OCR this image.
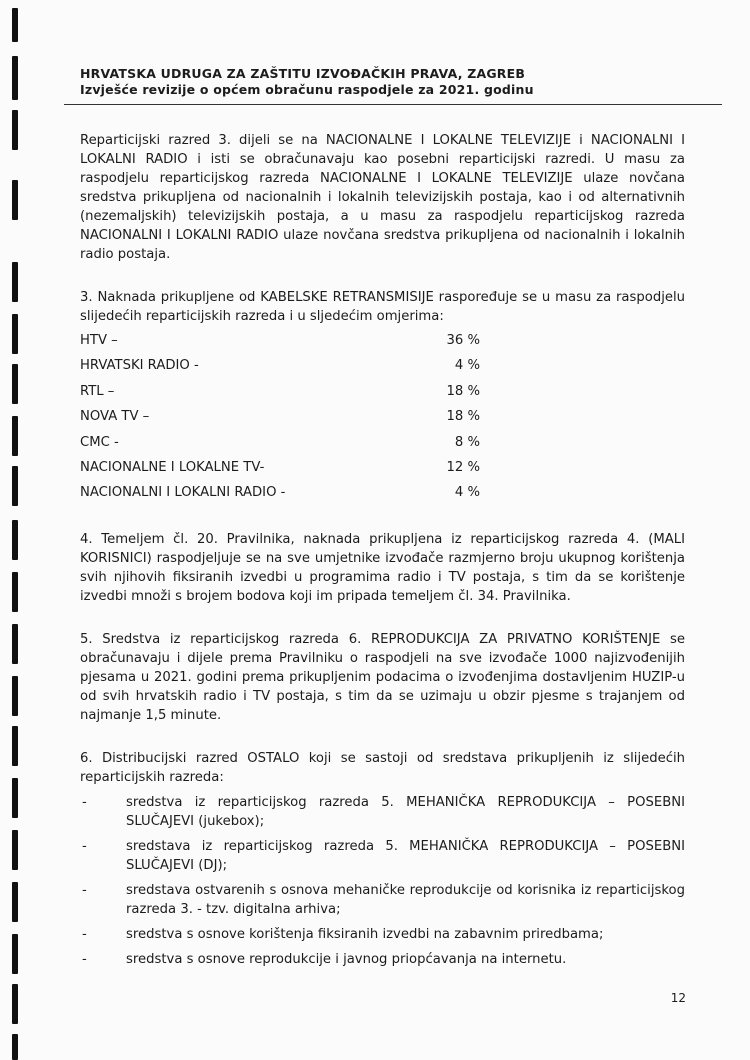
HRVATSKA UDRUGA ZA ZAŠTITU IZVOĐAČKIH PRAVA, ZAGREB

Izvješće revizije o općem obračunu raspodjele za 2021. godinu

Reparticijski razred 3. dijeli se na NACIONALNE I LOKALNE TELEVIZIJE i NACIONALNI I LOKALNI RADIO i isti se obračunavaju kao posebni reparticijski razredi. U masu za raspodjelu reparticijskog razreda NACIONALNE I LOKALNE TELEVIZIJE ulaze novčana sredstva prikupljena od nacionalnih i lokalnih televizijskih postaja, kao i od alternativnih (nezemaljskih) televizijskih postaja, a u masu za raspodjelu reparticijskog razreda NACIONALNI I LOKALNI RADIO ulaze novčana sredstva prikupljena od nacionalnih i lokalnih radio postaja.

3. Naknada prikupljene od KABELSKE RETRANSMISIJE raspoređuje se u masu za raspodjelu slijedećih reparticijskih razreda i u sljedećim omjerima:

HTV –	36 %
HRVATSKI RADIO -	4 %
RTL –	18 %
NOVA TV –	18 %
CMC -	8 %
NACIONALNE I LOKALNE TV-	12 %
NACIONALNI I LOKALNI RADIO -	4 %

4. Temeljem čl. 20. Pravilnika, naknada prikupljena iz reparticijskog razreda 4. (MALI KORISNICI) raspodjeljuje se na sve umjetnike izvođače razmjerno broju ukupnog korištenja svih njihovih fiksiranih izvedbi u programima radio i TV postaja, s tim da se korištenje izvedbi množi s brojem bodova koji im pripada temeljem čl. 34. Pravilnika.

5. Sredstva iz reparticijskog razreda 6. REPRODUKCIJA ZA PRIVATNO KORIŠTENJE se obračunavaju i dijele prema Pravilniku o raspodjeli na sve izvođače 1000 najizvođenijih pjesama u 2021. godini prema prikupljenim podacima o izvođenjima dostavljenim HUZIP-u od svih hrvatskih radio i TV postaja, s tim da se uzimaju u obzir pjesme s trajanjem od najmanje 1,5 minute.

6. Distribucijski razred OSTALO koji se sastoji od sredstava prikupljenih iz slijedećih reparticijskih razreda:

-	sredstva iz reparticijskog razreda 5. MEHANIČKA REPRODUKCIJA – POSEBNI SLUČAJEVI (jukebox);
-	sredstava iz reparticijskog razreda 5. MEHANIČKA REPRODUKCIJA – POSEBNI SLUČAJEVI (DJ);
-	sredstava ostvarenih s osnova mehaničke reprodukcije od korisnika iz reparticijskog razreda 3. - tzv. digitalna arhiva;
-	sredstva s osnove korištenja fiksiranih izvedbi na zabavnim priredbama;
-	sredstva s osnove reprodukcije i javnog priopćavanja na internetu.
12
